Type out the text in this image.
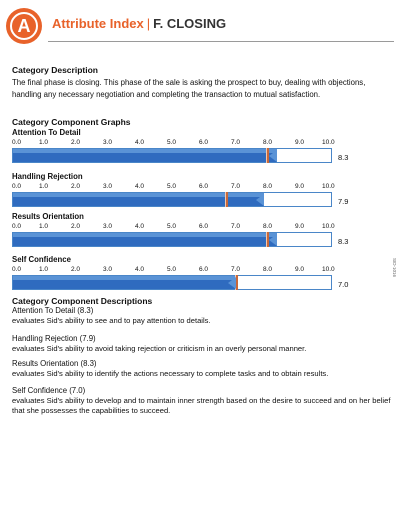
A	Attribute Index | F. CLOSING
Category Description
The final phase is closing. This phase of the sale is asking the prospect to buy, dealing with objections, handling any necessary negotiation and completing the transaction to mutual satisfaction.
Category Component Graphs
Attention To Detail
0.0	1.0	2.0	3.0	4.0	5.0	6.0	7.0	8.0	9.0	10.0
8.3
Handling Rejection
0.0	1.0	2.0	3.0	4.0	5.0	6.0	7.0	8.0	9.0	10.0
7.9
Results Orientation
0.0	1.0	2.0	3.0	4.0	5.0	6.0	7.0	8.0	9.0	10.0
8.3
Self Confidence
0.0	1.0	2.0	3.0	4.0	5.0	6.0	7.0	8.0	9.0	10.0
7.0
SID-1016
Category Component Descriptions
Attention To Detail (8.3)
evaluates Sid's ability to see and to pay attention to details.
Handling Rejection (7.9)
evaluates Sid's ability to avoid taking rejection or criticism in an overly personal manner.
Results Orientation (8.3)
evaluates Sid's ability to identify the actions necessary to complete tasks and to obtain results.
Self Confidence (7.0)
evaluates Sid's ability to develop and to maintain inner strength based on the desire to succeed and on her belief that she possesses the capabilities to succeed.
